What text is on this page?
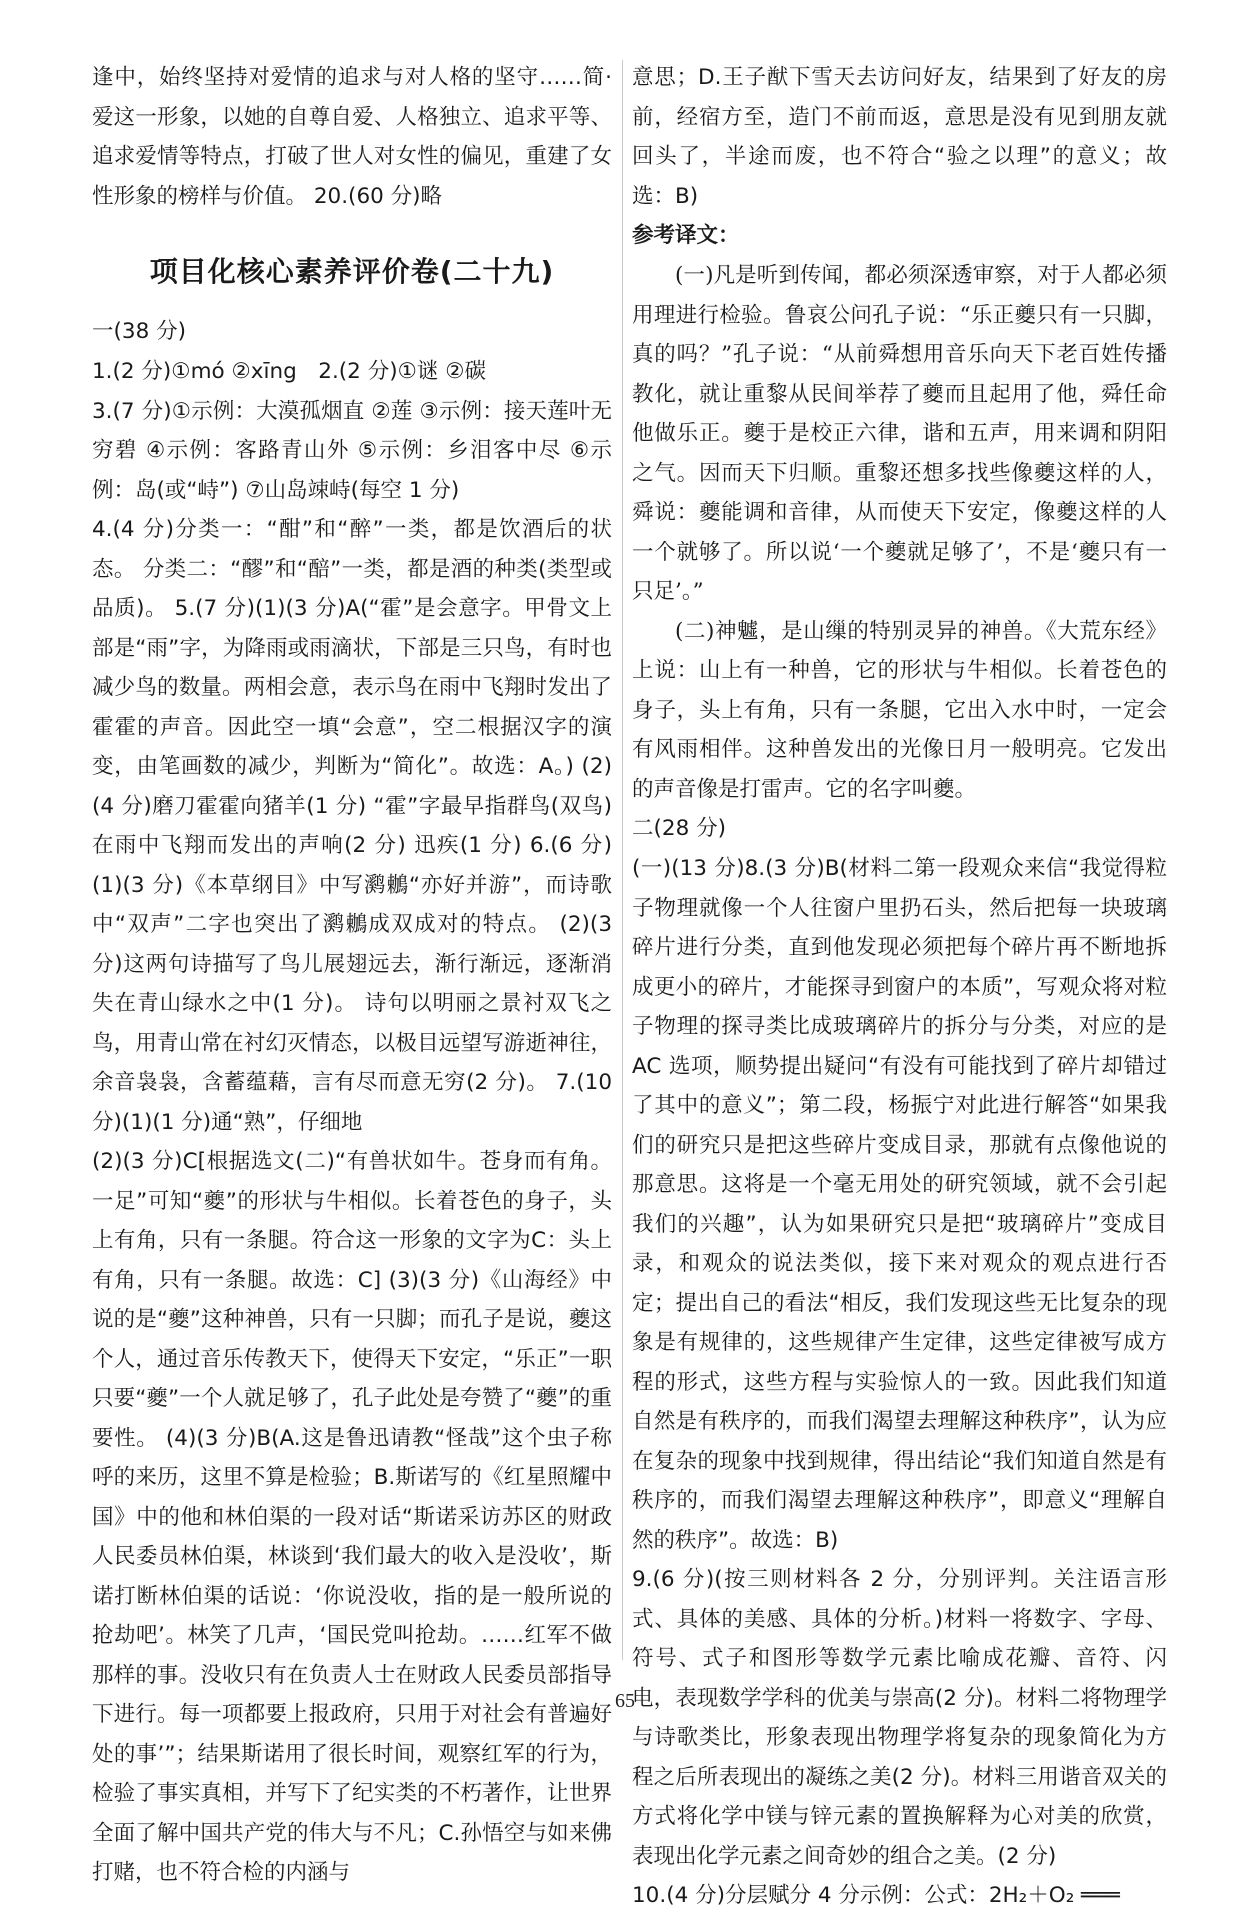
逢中，始终坚持对爱情的追求与对人格的坚守……简·爱这一形象，以她的自尊自爱、人格独立、追求平等、追求爱情等特点，打破了世人对女性的偏见，重建了女性形象的榜样与价值。 20.(60 分)略

项目化核心素养评价卷(二十九)

一(38 分)

1.(2 分)①mó ②xīng　 2.(2 分)①谜 ②碳

3.(7 分)①示例：大漠孤烟直 ②莲 ③示例：接天莲叶无穷碧 ④示例：客路青山外 ⑤示例：乡泪客中尽 ⑥示例：岛(或“峙”) ⑦山岛竦峙(每空 1 分)

4.(4 分)分类一：“酣”和“醉”一类，都是饮酒后的状态。 分类二：“醪”和“醅”一类，都是酒的种类(类型或品质)。 5.(7 分)(1)(3 分)A(“霍”是会意字。甲骨文上部是“雨”字，为降雨或雨滴状，下部是三只鸟，有时也减少鸟的数量。两相会意，表示鸟在雨中飞翔时发出了霍霍的声音。因此空一填“会意”，空二根据汉字的演变，由笔画数的减少，判断为“简化”。故选：A。) (2)(4 分)磨刀霍霍向猪羊(1 分) “霍”字最早指群鸟(双鸟)在雨中飞翔而发出的声响(2 分) 迅疾(1 分) 6.(6 分)(1)(3 分)《本草纲目》中写㶉鶒“亦好并游”，而诗歌中“双声”二字也突出了㶉鶒成双成对的特点。 (2)(3 分)这两句诗描写了鸟儿展翅远去，渐行渐远，逐渐消失在青山绿水之中(1 分)。 诗句以明丽之景衬双飞之鸟，用青山常在衬幻灭情态，以极目远望写游逝神往，余音袅袅，含蓄蕴藉，言有尽而意无穷(2 分)。 7.(10 分)(1)(1 分)通“熟”，仔细地

(2)(3 分)C[根据选文(二)“有兽状如牛。苍身而有角。一足”可知“夔”的形状与牛相似。长着苍色的身子，头上有角，只有一条腿。符合这一形象的文字为C：头上有角，只有一条腿。故选：C] (3)(3 分)《山海经》中说的是“夔”这种神兽，只有一只脚；而孔子是说，夔这个人，通过音乐传教天下，使得天下安定，“乐正”一职只要“夔”一个人就足够了，孔子此处是夸赞了“夔”的重要性。 (4)(3 分)B(A.这是鲁迅请教“怪哉”这个虫子称呼的来历，这里不算是检验；B.斯诺写的《红星照耀中国》中的他和林伯渠的一段对话“斯诺采访苏区的财政人民委员林伯渠，林谈到‘我们最大的收入是没收’，斯诺打断林伯渠的话说：‘你说没收，指的是一般所说的抢劫吧’。林笑了几声，‘国民党叫抢劫。……红军不做那样的事。没收只有在负责人士在财政人民委员部指导下进行。每一项都要上报政府，只用于对社会有普遍好处的事’”；结果斯诺用了很长时间，观察红军的行为，检验了事实真相，并写下了纪实类的不朽著作，让世界全面了解中国共产党的伟大与不凡；C.孙悟空与如来佛打赌，也不符合检的内涵与

意思；D.王子猷下雪天去访问好友，结果到了好友的房前，经宿方至，造门不前而返，意思是没有见到朋友就回头了，半途而废，也不符合“验之以理”的意义；故选：B)

参考译文：

(一)凡是听到传闻，都必须深透审察，对于人都必须用理进行检验。鲁哀公问孔子说：“乐正夔只有一只脚，真的吗？”孔子说：“从前舜想用音乐向天下老百姓传播教化，就让重黎从民间举荐了夔而且起用了他，舜任命他做乐正。夔于是校正六律，谐和五声，用来调和阴阳之气。因而天下归顺。重黎还想多找些像夔这样的人，舜说：夔能调和音律，从而使天下安定，像夔这样的人一个就够了。所以说‘一个夔就足够了’，不是‘夔只有一只足’。”

(二)神魖，是山缫的特别灵异的神兽。《大荒东经》上说：山上有一种兽，它的形状与牛相似。长着苍色的身子，头上有角，只有一条腿，它出入水中时，一定会有风雨相伴。这种兽发出的光像日月一般明亮。它发出的声音像是打雷声。它的名字叫夔。

二(28 分)

(一)(13 分)8.(3 分)B(材料二第一段观众来信“我觉得粒子物理就像一个人往窗户里扔石头，然后把每一块玻璃碎片进行分类，直到他发现必须把每个碎片再不断地拆成更小的碎片，才能探寻到窗户的本质”，写观众将对粒子物理的探寻类比成玻璃碎片的拆分与分类，对应的是 AC 选项，顺势提出疑问“有没有可能找到了碎片却错过了其中的意义”；第二段，杨振宁对此进行解答“如果我们的研究只是把这些碎片变成目录，那就有点像他说的那意思。这将是一个毫无用处的研究领域，就不会引起我们的兴趣”，认为如果研究只是把“玻璃碎片”变成目录，和观众的说法类似，接下来对观众的观点进行否定；提出自己的看法“相反，我们发现这些无比复杂的现象是有规律的，这些规律产生定律，这些定律被写成方程的形式，这些方程与实验惊人的一致。因此我们知道自然是有秩序的，而我们渴望去理解这种秩序”，认为应在复杂的现象中找到规律，得出结论“我们知道自然是有秩序的，而我们渴望去理解这种秩序”，即意义“理解自然的秩序”。故选：B)

9.(6 分)(按三则材料各 2 分，分别评判。关注语言形式、具体的美感、具体的分析。)材料一将数字、字母、符号、式子和图形等数学元素比喻成花瓣、音符、闪电，表现数学学科的优美与崇高(2 分)。材料二将物理学与诗歌类比，形象表现出物理学将复杂的现象简化为方程之后所表现出的凝练之美(2 分)。材料三用谐音双关的方式将化学中镁与锌元素的置换解释为心对美的欣赏，表现出化学元素之间奇妙的组合之美。(2 分)

10.(4 分)分层赋分 4 分示例：公式：2H₂＋O₂ ═══

65
